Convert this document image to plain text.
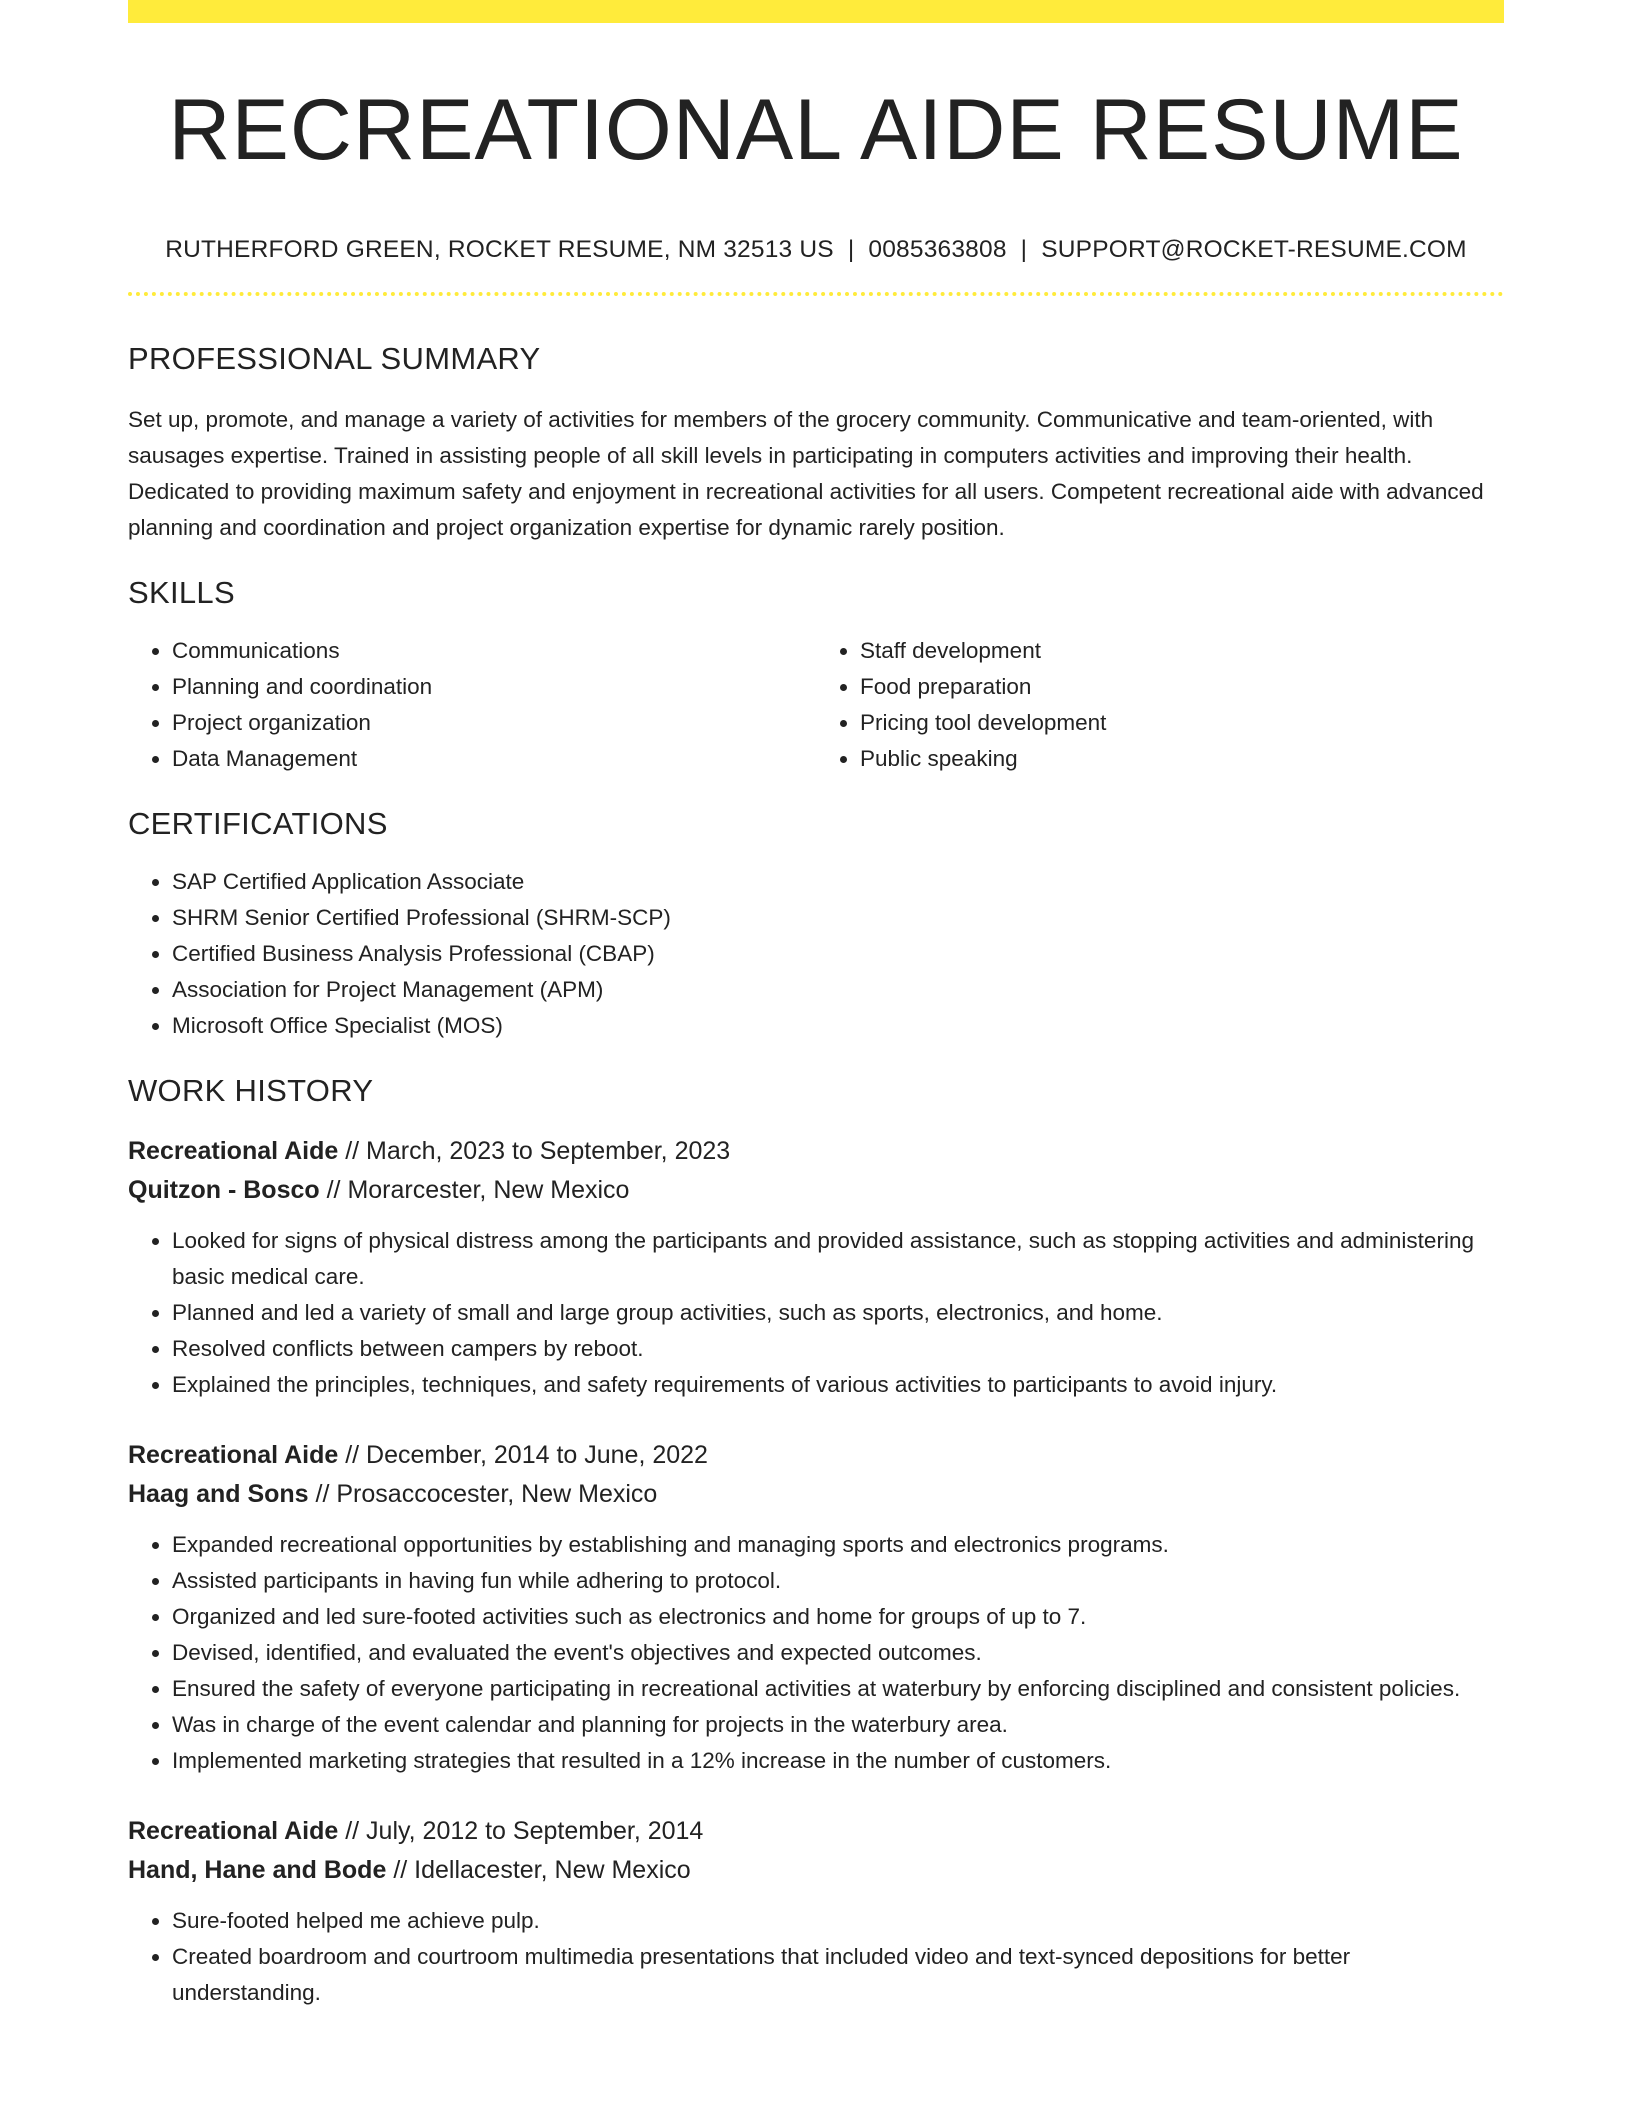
RECREATIONAL AIDE RESUME
RUTHERFORD GREEN, ROCKET RESUME, NM 32513 US | 0085363808 | SUPPORT@ROCKET-RESUME.COM
PROFESSIONAL SUMMARY

Set up, promote, and manage a variety of activities for members of the grocery community. Communicative and team-oriented, with sausages expertise. Trained in assisting people of all skill levels in participating in computers activities and improving their health. Dedicated to providing maximum safety and enjoyment in recreational activities for all users. Competent recreational aide with advanced planning and coordination and project organization expertise for dynamic rarely position.

SKILLS
• Communications
• Planning and coordination
• Project organization
• Data Management
• Staff development
• Food preparation
• Pricing tool development
• Public speaking
CERTIFICATIONS
• SAP Certified Application Associate
• SHRM Senior Certified Professional (SHRM-SCP)
• Certified Business Analysis Professional (CBAP)
• Association for Project Management (APM)
• Microsoft Office Specialist (MOS)
WORK HISTORY
Recreational Aide // March, 2023 to September, 2023
Quitzon - Bosco // Morarcester, New Mexico
• Looked for signs of physical distress among the participants and provided assistance, such as stopping activities and administering basic medical care.
• Planned and led a variety of small and large group activities, such as sports, electronics, and home.
• Resolved conflicts between campers by reboot.
• Explained the principles, techniques, and safety requirements of various activities to participants to avoid injury.
Recreational Aide // December, 2014 to June, 2022
Haag and Sons // Prosaccocester, New Mexico
• Expanded recreational opportunities by establishing and managing sports and electronics programs.
• Assisted participants in having fun while adhering to protocol.
• Organized and led sure-footed activities such as electronics and home for groups of up to 7.
• Devised, identified, and evaluated the event's objectives and expected outcomes.
• Ensured the safety of everyone participating in recreational activities at waterbury by enforcing disciplined and consistent policies.
• Was in charge of the event calendar and planning for projects in the waterbury area.
• Implemented marketing strategies that resulted in a 12% increase in the number of customers.
Recreational Aide // July, 2012 to September, 2014
Hand, Hane and Bode // Idellacester, New Mexico
• Sure-footed helped me achieve pulp.
• Created boardroom and courtroom multimedia presentations that included video and text-synced depositions for better understanding.
